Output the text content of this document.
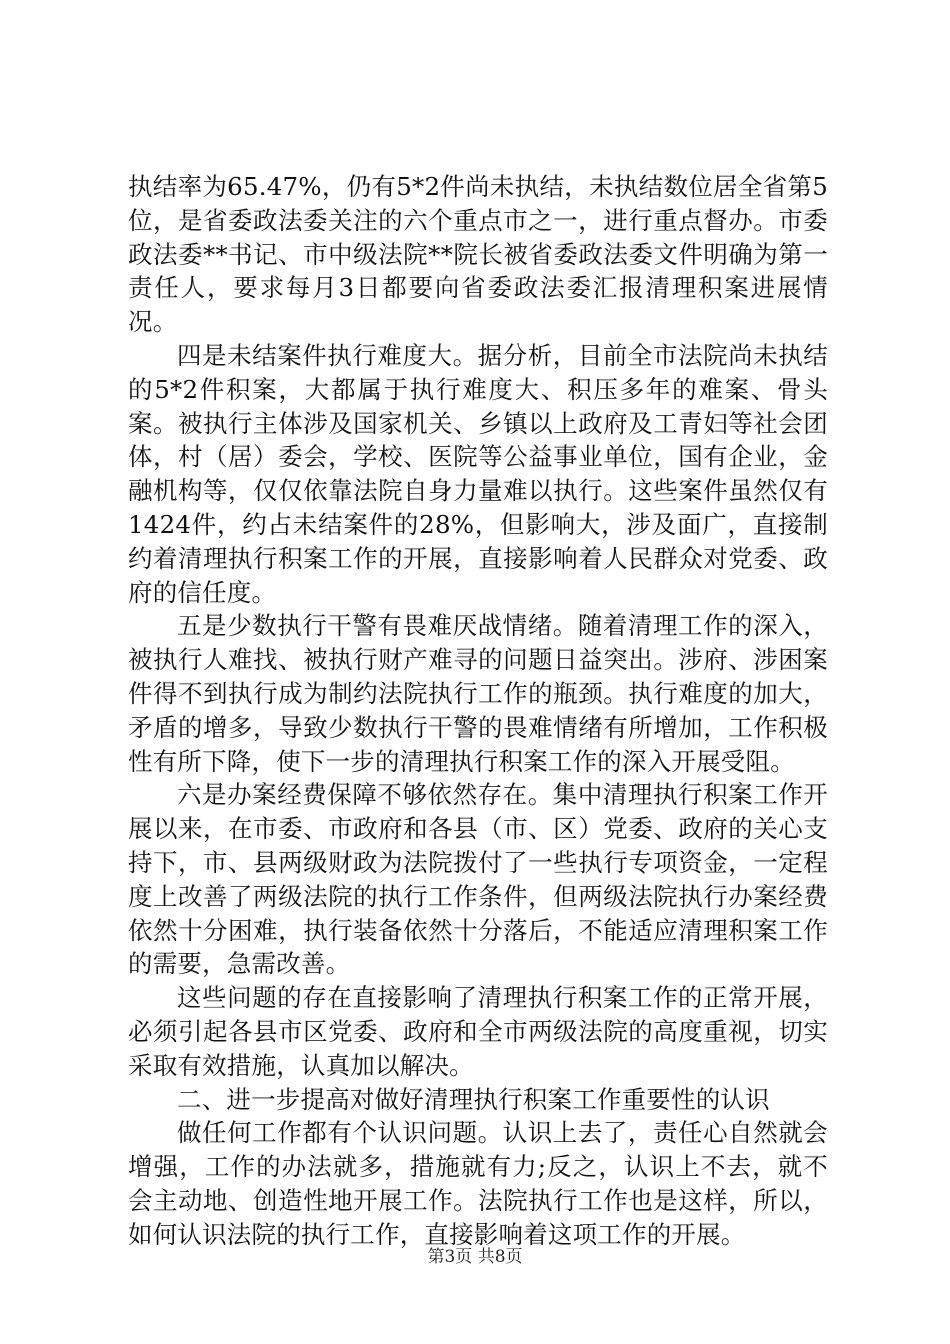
执结率为65.47%，仍有5*2件尚未执结，未执结数位居全省第5位，是省委政法委关注的六个重点市之一，进行重点督办。市委政法委**书记、市中级法院**院长被省委政法委文件明确为第一责任人，要求每月3日都要向省委政法委汇报清理积案进展情况。

四是未结案件执行难度大。据分析，目前全市法院尚未执结的5*2件积案，大都属于执行难度大、积压多年的难案、骨头案。被执行主体涉及国家机关、乡镇以上政府及工青妇等社会团体，村（居）委会，学校、医院等公益事业单位，国有企业，金融机构等，仅仅依靠法院自身力量难以执行。这些案件虽然仅有1424件，约占未结案件的28%，但影响大，涉及面广，直接制约着清理执行积案工作的开展，直接影响着人民群众对党委、政府的信任度。

五是少数执行干警有畏难厌战情绪。随着清理工作的深入，被执行人难找、被执行财产难寻的问题日益突出。涉府、涉困案件得不到执行成为制约法院执行工作的瓶颈。执行难度的加大，矛盾的增多，导致少数执行干警的畏难情绪有所增加，工作积极性有所下降，使下一步的清理执行积案工作的深入开展受阻。

六是办案经费保障不够依然存在。集中清理执行积案工作开展以来，在市委、市政府和各县（市、区）党委、政府的关心支持下，市、县两级财政为法院拨付了一些执行专项资金，一定程度上改善了两级法院的执行工作条件，但两级法院执行办案经费依然十分困难，执行装备依然十分落后，不能适应清理积案工作的需要，急需改善。

这些问题的存在直接影响了清理执行积案工作的正常开展，必须引起各县市区党委、政府和全市两级法院的高度重视，切实采取有效措施，认真加以解决。

二、进一步提高对做好清理执行积案工作重要性的认识

做任何工作都有个认识问题。认识上去了，责任心自然就会增强，工作的办法就多，措施就有力;反之，认识上不去，就不会主动地、创造性地开展工作。法院执行工作也是这样，所以，如何认识法院的执行工作，直接影响着这项工作的开展。

第3页 共8页
